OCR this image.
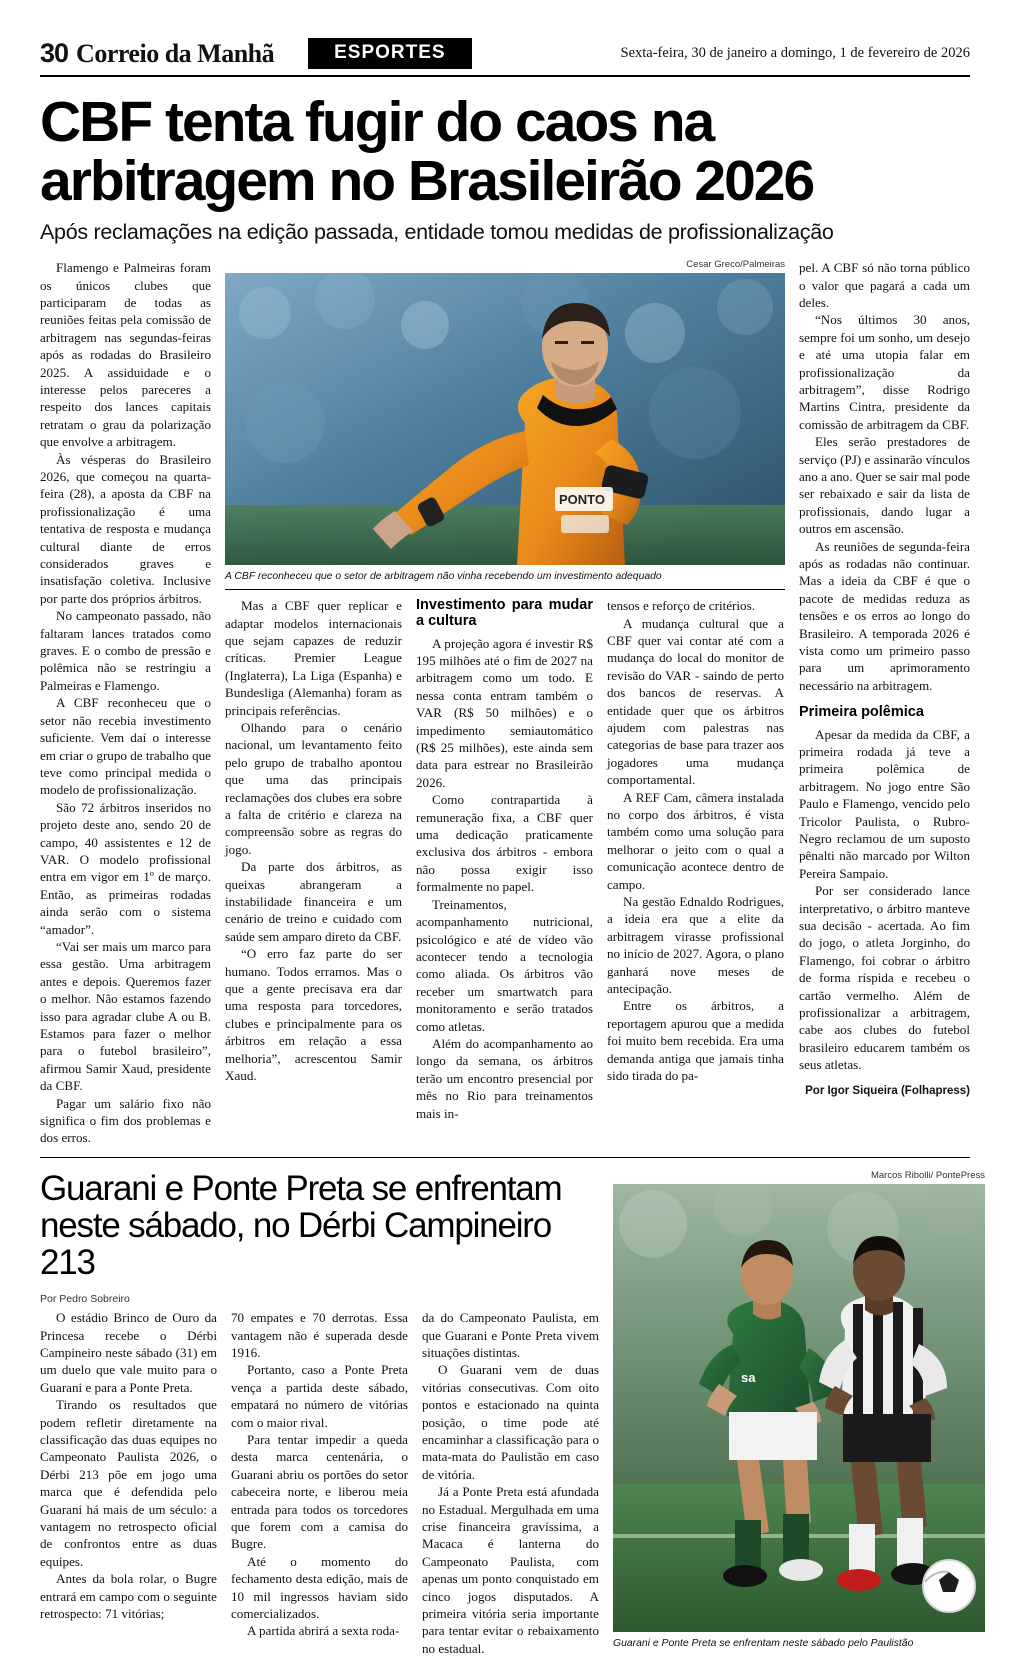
30 Correio da Manhã	ESPORTES	Sexta-feira, 30 de janeiro a domingo, 1 de fevereiro de 2026
CBF tenta fugir do caos na arbitragem no Brasileirão 2026
Após reclamações na edição passada, entidade tomou medidas de profissionalização

Flamengo e Palmeiras foram os únicos clubes que participaram de todas as reuniões feitas pela comissão de arbitragem nas segundas-feiras após as rodadas do Brasileiro 2025. A assiduidade e o interesse pelos pareceres a respeito dos lances capitais retratam o grau da polarização que envolve a arbitragem.

Às vésperas do Brasileiro 2026, que começou na quarta-feira (28), a aposta da CBF na profissionalização é uma tentativa de resposta e mudança cultural diante de erros considerados graves e insatisfação coletiva. Inclusive por parte dos próprios árbitros.

No campeonato passado, não faltaram lances tratados como graves. E o combo de pressão e polêmica não se restringiu a Palmeiras e Flamengo.

A CBF reconheceu que o setor não recebia investimento suficiente. Vem daí o interesse em criar o grupo de trabalho que teve como principal medida o modelo de profissionalização.

São 72 árbitros inseridos no projeto deste ano, sendo 20 de campo, 40 assistentes e 12 de VAR. O modelo profissional entra em vigor em 1º de março. Então, as primeiras rodadas ainda serão com o sistema “amador”.

“Vai ser mais um marco para essa gestão. Uma arbitragem antes e depois. Queremos fazer o melhor. Não estamos fazendo isso para agradar clube A ou B. Estamos para fazer o melhor para o futebol brasileiro”, afirmou Samir Xaud, presidente da CBF.

Pagar um salário fixo não significa o fim dos problemas e dos erros.

Cesar Greco/Palmeiras
PONTO
A CBF reconheceu que o setor de arbitragem não vinha recebendo um investimento adequado

Mas a CBF quer replicar e adaptar modelos internacionais que sejam capazes de reduzir críticas. Premier League (Inglaterra), La Liga (Espanha) e Bundesliga (Alemanha) foram as principais referências.

Olhando para o cenário nacional, um levantamento feito pelo grupo de trabalho apontou que uma das principais reclamações dos clubes era sobre a falta de critério e clareza na compreensão sobre as regras do jogo.

Da parte dos árbitros, as queixas abrangeram a instabilidade financeira e um cenário de treino e cuidado com saúde sem amparo direto da CBF.

“O erro faz parte do ser humano. Todos erramos. Mas o que a gente precisava era dar uma resposta para torcedores, clubes e principalmente para os árbitros em relação a essa melhoria”, acrescentou Samir Xaud.

Investimento para mudar a cultura

A projeção agora é investir R$ 195 milhões até o fim de 2027 na arbitragem como um todo. E nessa conta entram também o VAR (R$ 50 milhões) e o impedimento semiautomático (R$ 25 milhões), este ainda sem data para estrear no Brasileirão 2026.

Como contrapartida à remuneração fixa, a CBF quer uma dedicação praticamente exclusiva dos árbitros - embora não possa exigir isso formalmente no papel.

Treinamentos, acompanhamento nutricional, psicológico e até de vídeo vão acontecer tendo a tecnologia como aliada. Os árbitros vão receber um smartwatch para monitoramento e serão tratados como atletas.

Além do acompanhamento ao longo da semana, os árbitros terão um encontro presencial por mês no Rio para treinamentos mais in-

tensos e reforço de critérios.

A mudança cultural que a CBF quer vai contar até com a mudança do local do monitor de revisão do VAR - saindo de perto dos bancos de reservas. A entidade quer que os árbitros ajudem com palestras nas categorias de base para trazer aos jogadores uma mudança comportamental.

A REF Cam, câmera instalada no corpo dos árbitros, é vista também como uma solução para melhorar o jeito com o qual a comunicação acontece dentro de campo.

Na gestão Ednaldo Rodrigues, a ideia era que a elite da arbitragem virasse profissional no início de 2027. Agora, o plano ganhará nove meses de antecipação.

Entre os árbitros, a reportagem apurou que a medida foi muito bem recebida. Era uma demanda antiga que jamais tinha sido tirada do pa-

pel. A CBF só não torna público o valor que pagará a cada um deles.

“Nos últimos 30 anos, sempre foi um sonho, um desejo e até uma utopia falar em profissionalização da arbitragem”, disse Rodrigo Martins Cintra, presidente da comissão de arbitragem da CBF.

Eles serão prestadores de serviço (PJ) e assinarão vínculos ano a ano. Quer se sair mal pode ser rebaixado e sair da lista de profissionais, dando lugar a outros em ascensão.

As reuniões de segunda-feira após as rodadas não continuar. Mas a ideia da CBF é que o pacote de medidas reduza as tensões e os erros ao longo do Brasileiro. A temporada 2026 é vista como um primeiro passo para um aprimoramento necessário na arbitragem.

Primeira polêmica

Apesar da medida da CBF, a primeira rodada já teve a primeira polêmica de arbitragem. No jogo entre São Paulo e Flamengo, vencido pelo Tricolor Paulista, o Rubro-Negro reclamou de um suposto pênalti não marcado por Wilton Pereira Sampaio.

Por ser considerado lance interpretativo, o árbitro manteve sua decisão - acertada. Ao fim do jogo, o atleta Jorginho, do Flamengo, foi cobrar o árbitro de forma ríspida e recebeu o cartão vermelho. Além de profissionalizar a arbitragem, cabe aos clubes do futebol brasileiro educarem também os seus atletas.

Por Igor Siqueira (Folhapress)
Guarani e Ponte Preta se enfrentam neste sábado, no Dérbi Campineiro 213
Por Pedro Sobreiro

O estádio Brinco de Ouro da Princesa recebe o Dérbi Campineiro neste sábado (31) em um duelo que vale muito para o Guarani e para a Ponte Preta.

Tirando os resultados que podem refletir diretamente na classificação das duas equipes no Campeonato Paulista 2026, o Dérbi 213 põe em jogo uma marca que é defendida pelo Guarani há mais de um século: a vantagem no retrospecto oficial de confrontos entre as duas equipes.

Antes da bola rolar, o Bugre entrará em campo com o seguinte retrospecto: 71 vitórias;

70 empates e 70 derrotas. Essa vantagem não é superada desde 1916.

Portanto, caso a Ponte Preta vença a partida deste sábado, empatará no número de vitórias com o maior rival.

Para tentar impedir a queda desta marca centenária, o Guarani abriu os portões do setor cabeceira norte, e liberou meia entrada para todos os torcedores que forem com a camisa do Bugre.

Até o momento do fechamento desta edição, mais de 10 mil ingressos haviam sido comercializados.

A partida abrirá a sexta roda-

da do Campeonato Paulista, em que Guarani e Ponte Preta vivem situações distintas.

O Guarani vem de duas vitórias consecutivas. Com oito pontos e estacionado na quinta posição, o time pode até encaminhar a classificação para o mata-mata do Paulistão em caso de vitória.

Já a Ponte Preta está afundada no Estadual. Mergulhada em uma crise financeira gravíssima, a Macaca é lanterna do Campeonato Paulista, com apenas um ponto conquistado em cinco jogos disputados. A primeira vitória seria importante para tentar evitar o rebaixamento no estadual.

Marcos Ribolli/ PontePress
sa
Guarani e Ponte Preta se enfrentam neste sábado pelo Paulistão
